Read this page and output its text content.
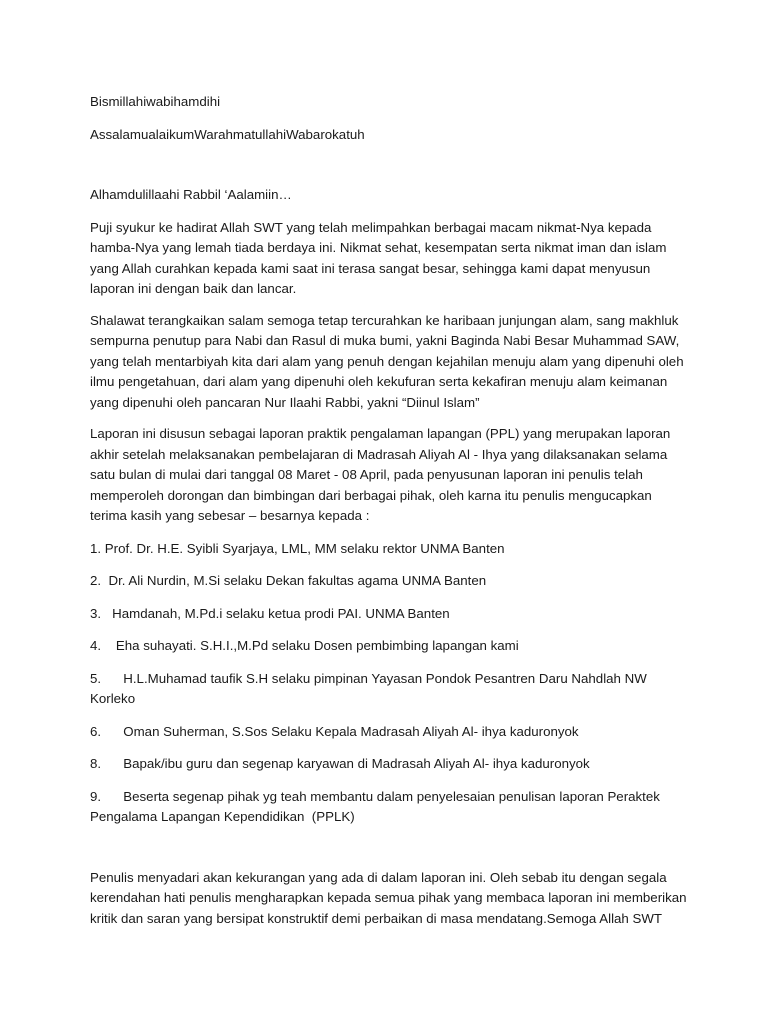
Bismillahiwabihamdihi

AssalamualaikumWarahmatullahiWabarokatuh

Alhamdulillaahi Rabbil ‘Aalamiin…

Puji syukur ke hadirat Allah SWT yang telah melimpahkan berbagai macam nikmat-Nya kepada hamba-Nya yang lemah tiada berdaya ini. Nikmat sehat, kesempatan serta nikmat iman dan islam yang Allah curahkan kepada kami saat ini terasa sangat besar, sehingga kami dapat menyusun laporan ini dengan baik dan lancar.

Shalawat terangkaikan salam semoga tetap tercurahkan ke haribaan junjungan alam, sang makhluk sempurna penutup para Nabi dan Rasul di muka bumi, yakni Baginda Nabi Besar Muhammad SAW, yang telah mentarbiyah kita dari alam yang penuh dengan kejahilan menuju alam yang dipenuhi oleh ilmu pengetahuan, dari alam yang dipenuhi oleh kekufuran serta kekafiran menuju alam keimanan yang dipenuhi oleh pancaran Nur Ilaahi Rabbi, yakni “Diinul Islam”

Laporan ini disusun sebagai laporan praktik pengalaman lapangan (PPL) yang merupakan laporan akhir setelah melaksanakan pembelajaran di Madrasah Aliyah Al - Ihya yang dilaksanakan selama satu bulan di mulai dari tanggal 08 Maret - 08 April, pada penyusunan laporan ini penulis telah memperoleh dorongan dan bimbingan dari berbagai pihak, oleh karna itu penulis mengucapkan terima kasih yang sebesar – besarnya kepada :

1. Prof. Dr. H.E. Syibli Syarjaya, LML, MM selaku rektor UNMA Banten

2.  Dr. Ali Nurdin, M.Si selaku Dekan fakultas agama UNMA Banten

3.   Hamdanah, M.Pd.i selaku ketua prodi PAI. UNMA Banten

4.    Eha suhayati. S.H.I.,M.Pd selaku Dosen pembimbing lapangan kami

5.      H.L.Muhamad taufik S.H selaku pimpinan Yayasan Pondok Pesantren Daru Nahdlah NW Korleko

6.      Oman Suherman, S.Sos Selaku Kepala Madrasah Aliyah Al- ihya kaduronyok

8.      Bapak/ibu guru dan segenap karyawan di Madrasah Aliyah Al- ihya kaduronyok

9.      Beserta segenap pihak yg teah membantu dalam penyelesaian penulisan laporan Peraktek Pengalama Lapangan Kependidikan  (PPLK)

Penulis menyadari akan kekurangan yang ada di dalam laporan ini. Oleh sebab itu dengan segala kerendahan hati penulis mengharapkan kepada semua pihak yang membaca laporan ini memberikan kritik dan saran yang bersipat konstruktif demi perbaikan di masa mendatang.Semoga Allah SWT
